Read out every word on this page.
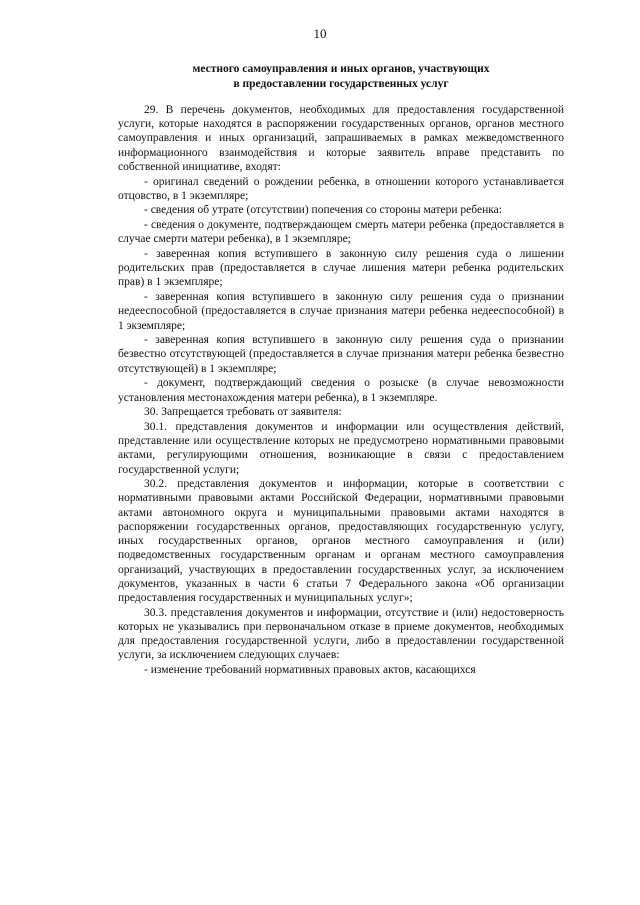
10
местного самоуправления и иных органов, участвующих
в предоставлении государственных услуг

29. В перечень документов, необходимых для предоставления государственной услуги, которые находятся в распоряжении государственных органов, органов местного самоуправления и иных организаций, запрашиваемых в рамках межведомственного информационного взаимодействия и которые заявитель вправе представить по собственной инициативе, входят:

- оригинал сведений о рождении ребенка, в отношении которого устанавливается отцовство, в 1 экземпляре;

- сведения об утрате (отсутствии) попечения со стороны матери ребенка:

- сведения о документе, подтверждающем смерть матери ребенка (предоставляется в случае смерти матери ребенка), в 1 экземпляре;

- заверенная копия вступившего в законную силу решения суда о лишении родительских прав (предоставляется в случае лишения матери ребенка родительских прав) в 1 экземпляре;

- заверенная копия вступившего в законную силу решения суда о признании недееспособной (предоставляется в случае признания матери ребенка недееспособной) в 1 экземпляре;

- заверенная копия вступившего в законную силу решения суда о признании безвестно отсутствующей (предоставляется в случае признания матери ребенка безвестно отсутствующей) в 1 экземпляре;

- документ, подтверждающий сведения о розыске (в случае невозможности установления местонахождения матери ребенка), в 1 экземпляре.

30. Запрещается требовать от заявителя:

30.1. представления документов и информации или осуществления действий, представление или осуществление которых не предусмотрено нормативными правовыми актами, регулирующими отношения, возникающие в связи с предоставлением государственной услуги;

30.2. представления документов и информации, которые в соответствии с нормативными правовыми актами Российской Федерации, нормативными правовыми актами автономного округа и муниципальными правовыми актами находятся в распоряжении государственных органов, предоставляющих государственную услугу, иных государственных органов, органов местного самоуправления и (или) подведомственных государственным органам и органам местного самоуправления организаций, участвующих в предоставлении государственных услуг, за исключением документов, указанных в части 6 статьи 7 Федерального закона «Об организации предоставления государственных и муниципальных услуг»;

30.3. представления документов и информации, отсутствие и (или) недостоверность которых не указывались при первоначальном отказе в приеме документов, необходимых для предоставления государственной услуги, либо в предоставлении государственной услуги, за исключением следующих случаев:

- изменение требований нормативных правовых актов, касающихся
